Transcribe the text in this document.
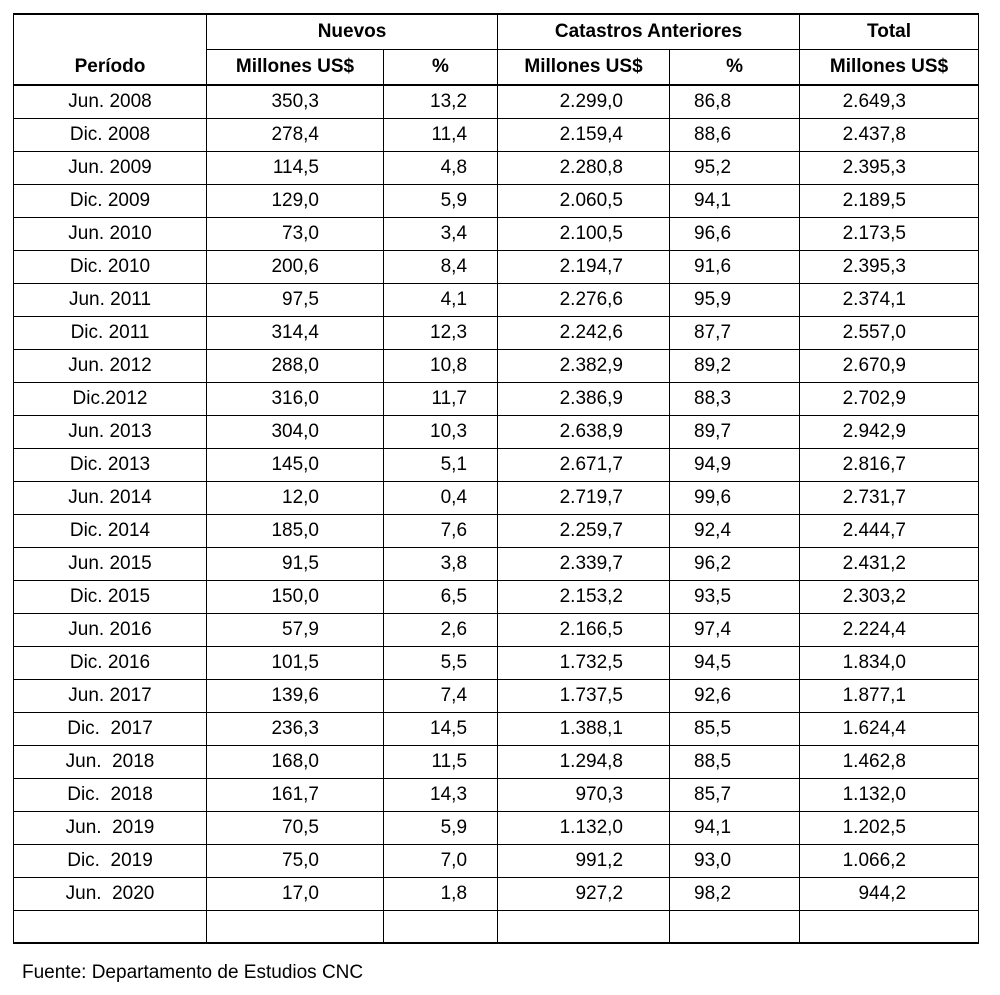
	Nuevos		Catastros Anteriores		Total
Período	Millones US$	%	Millones US$	%	Millones US$
Jun. 2008	350,3	13,2	2.299,0	86,8	2.649,3
Dic. 2008	278,4	11,4	2.159,4	88,6	2.437,8
Jun. 2009	114,5	4,8	2.280,8	95,2	2.395,3
Dic. 2009	129,0	5,9	2.060,5	94,1	2.189,5
Jun. 2010	73,0	3,4	2.100,5	96,6	2.173,5
Dic. 2010	200,6	8,4	2.194,7	91,6	2.395,3
Jun. 2011	97,5	4,1	2.276,6	95,9	2.374,1
Dic. 2011	314,4	12,3	2.242,6	87,7	2.557,0
Jun. 2012	288,0	10,8	2.382,9	89,2	2.670,9
Dic.2012	316,0	11,7	2.386,9	88,3	2.702,9
Jun. 2013	304,0	10,3	2.638,9	89,7	2.942,9
Dic. 2013	145,0	5,1	2.671,7	94,9	2.816,7
Jun. 2014	12,0	0,4	2.719,7	99,6	2.731,7
Dic. 2014	185,0	7,6	2.259,7	92,4	2.444,7
Jun. 2015	91,5	3,8	2.339,7	96,2	2.431,2
Dic. 2015	150,0	6,5	2.153,2	93,5	2.303,2
Jun. 2016	57,9	2,6	2.166,5	97,4	2.224,4
Dic. 2016	101,5	5,5	1.732,5	94,5	1.834,0
Jun. 2017	139,6	7,4	1.737,5	92,6	1.877,1
Dic.  2017	236,3	14,5	1.388,1	85,5	1.624,4
Jun.  2018	168,0	11,5	1.294,8	88,5	1.462,8
Dic.  2018	161,7	14,3	970,3	85,7	1.132,0
Jun.  2019	70,5	5,9	1.132,0	94,1	1.202,5
Dic.  2019	75,0	7,0	991,2	93,0	1.066,2
Jun.  2020	17,0	1,8	927,2	98,2	944,2

Fuente: Departamento de Estudios CNC
